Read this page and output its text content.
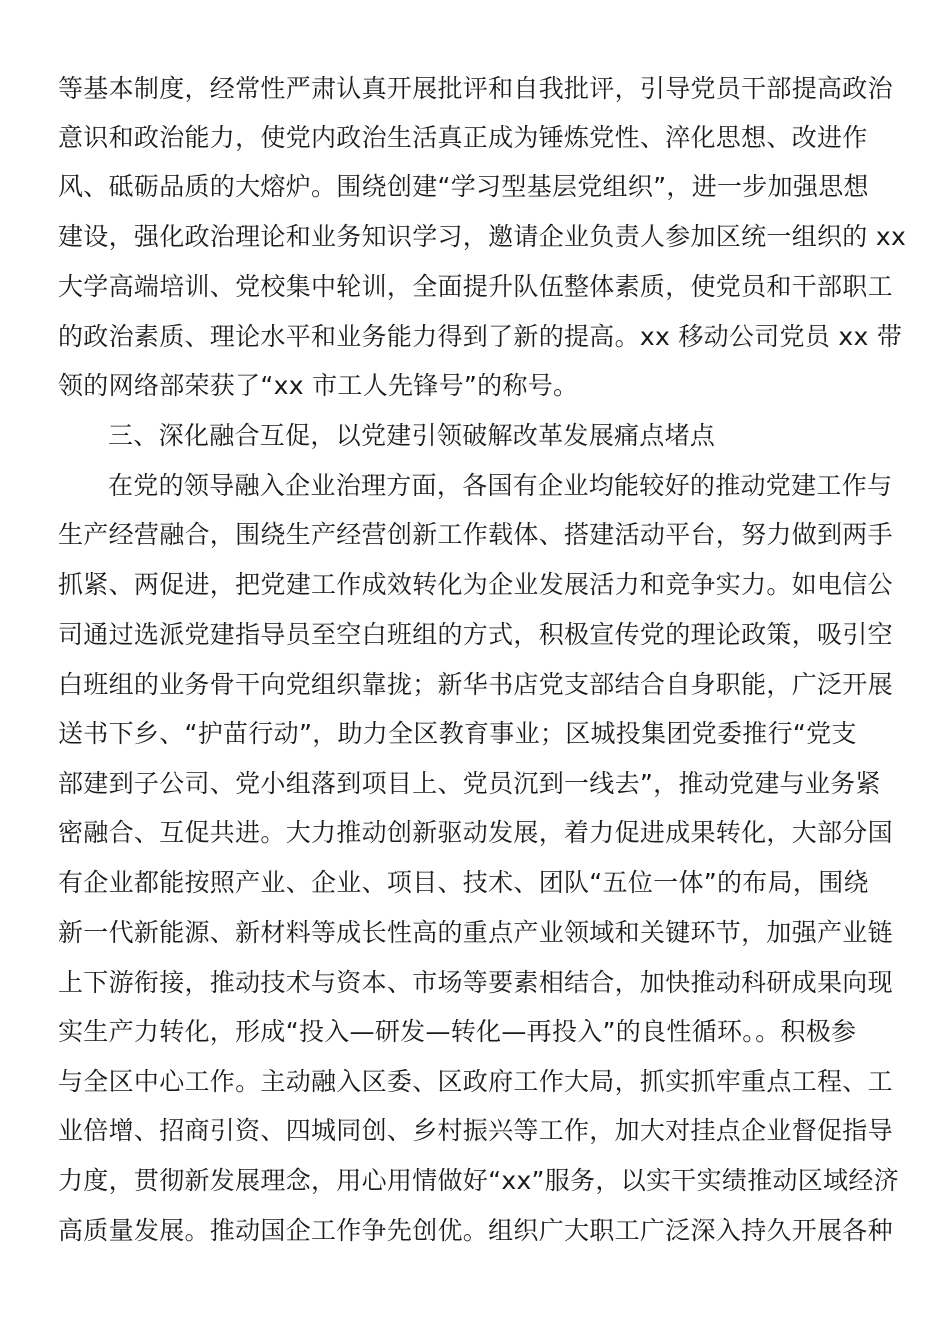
等基本制度，经常性严肃认真开展批评和自我批评，引导党员干部提高政治
意识和政治能力，使党内政治生活真正成为锤炼党性、淬化思想、改进作
风、砥砺品质的大熔炉。围绕创建“学习型基层党组织”，进一步加强思想
建设，强化政治理论和业务知识学习，邀请企业负责人参加区统一组织的 xx
大学高端培训、党校集中轮训，全面提升队伍整体素质，使党员和干部职工
的政治素质、理论水平和业务能力得到了新的提高。xx 移动公司党员 xx 带
领的网络部荣获了“xx 市工人先锋号”的称号。
三、深化融合互促，以党建引领破解改革发展痛点堵点
在党的领导融入企业治理方面，各国有企业均能较好的推动党建工作与
生产经营融合，围绕生产经营创新工作载体、搭建活动平台，努力做到两手
抓紧、两促进，把党建工作成效转化为企业发展活力和竞争实力。如电信公
司通过选派党建指导员至空白班组的方式，积极宣传党的理论政策，吸引空
白班组的业务骨干向党组织靠拢；新华书店党支部结合自身职能，广泛开展
送书下乡、“护苗行动”，助力全区教育事业；区城投集团党委推行“党支
部建到子公司、党小组落到项目上、党员沉到一线去”，推动党建与业务紧
密融合、互促共进。大力推动创新驱动发展，着力促进成果转化，大部分国
有企业都能按照产业、企业、项目、技术、团队“五位一体”的布局，围绕
新一代新能源、新材料等成长性高的重点产业领域和关键环节，加强产业链
上下游衔接，推动技术与资本、市场等要素相结合，加快推动科研成果向现
实生产力转化，形成“投入—研发—转化—再投入”的良性循环。。积极参
与全区中心工作。主动融入区委、区政府工作大局，抓实抓牢重点工程、工
业倍增、招商引资、四城同创、乡村振兴等工作，加大对挂点企业督促指导
力度，贯彻新发展理念，用心用情做好“xx”服务，以实干实绩推动区域经济
高质量发展。推动国企工作争先创优。组织广大职工广泛深入持久开展各种
